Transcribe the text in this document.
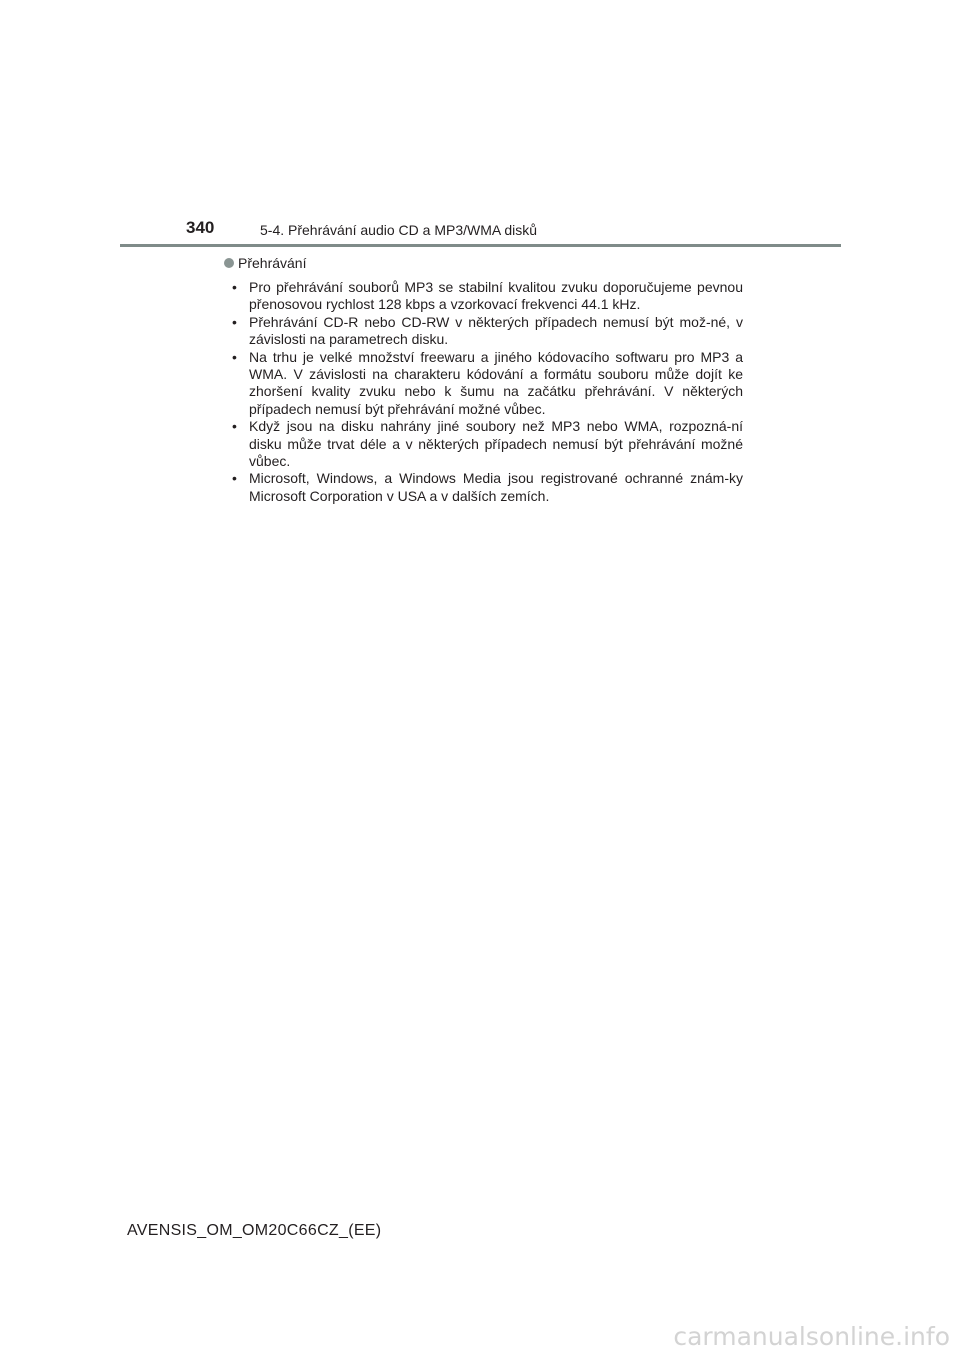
340	5-4. Přehrávání audio CD a MP3/WMA disků
Přehrávání
• Pro přehrávání souborů MP3 se stabilní kvalitou zvuku doporučujeme pevnou přenosovou rychlost 128 kbps a vzorkovací frekvenci 44.1 kHz.
• Přehrávání CD-R nebo CD-RW v některých případech nemusí být mož-né, v závislosti na parametrech disku.
• Na trhu je velké množství freewaru a jiného kódovacího softwaru pro MP3 a WMA. V závislosti na charakteru kódování a formátu souboru může dojít ke zhoršení kvality zvuku nebo k šumu na začátku přehrávání. V některých případech nemusí být přehrávání možné vůbec.
• Když jsou na disku nahrány jiné soubory než MP3 nebo WMA, rozpozná-ní disku může trvat déle a v některých případech nemusí být přehrávání možné vůbec.
• Microsoft, Windows, a Windows Media jsou registrované ochranné znám-ky Microsoft Corporation v USA a v dalších zemích.
AVENSIS_OM_OM20C66CZ_(EE)
carmanualsonline.info
